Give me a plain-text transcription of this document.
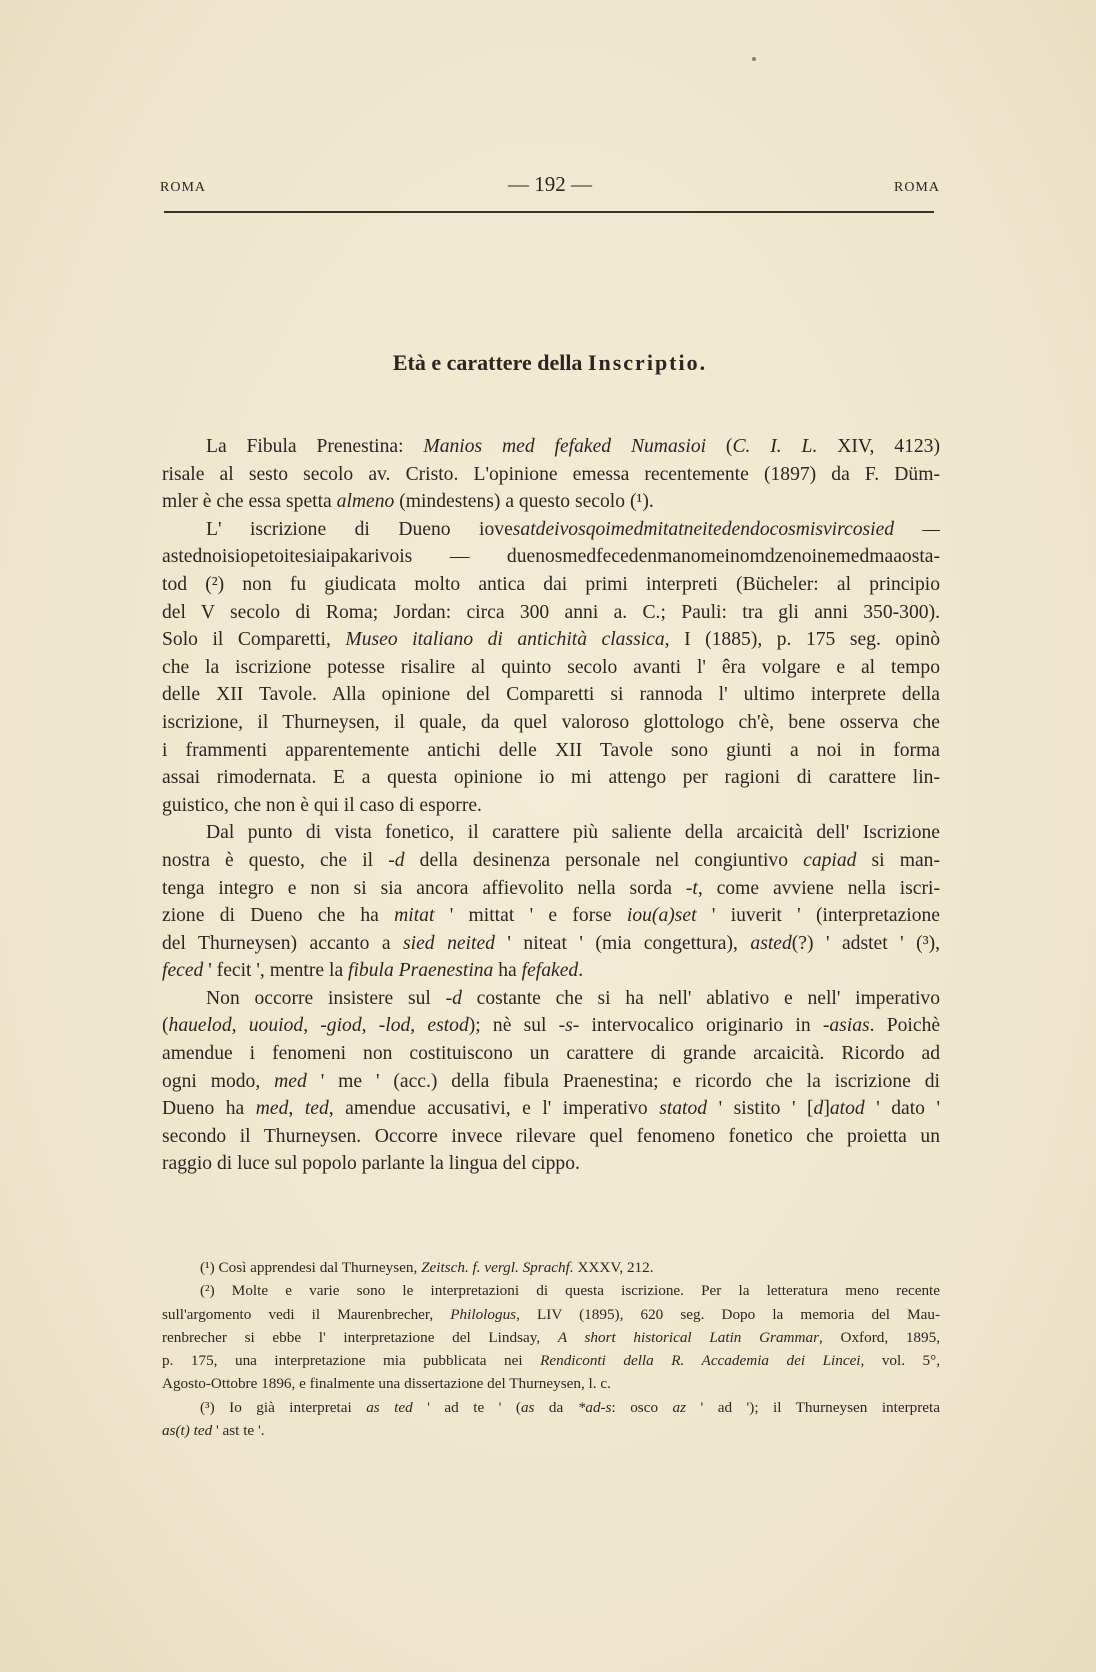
ROMA	— 192 —	ROMA
Età e carattere della Inscriptio.

La Fibula Prenestina: Manios med fefaked Numasioi (C. I. L. XIV, 4123)
risale al sesto secolo av. Cristo. L'opinione emessa recentemente (1897) da F. Düm-
mler è che essa spetta almeno (mindestens) a questo secolo (¹).

L' iscrizione di Dueno iovesatdeivosqoimedmitatneitedendocosmisvircosied —
astednoisiopetoitesiaipakarivois — duenosmedfecedenmanomeinomdzenoinemedmaaosta-
tod (²) non fu giudicata molto antica dai primi interpreti (Bücheler: al principio
del V secolo di Roma; Jordan: circa 300 anni a. C.; Pauli: tra gli anni 350-300).
Solo il Comparetti, Museo italiano di antichità classica, I (1885), p. 175 seg. opinò
che la iscrizione potesse risalire al quinto secolo avanti l' êra volgare e al tempo
delle XII Tavole. Alla opinione del Comparetti si rannoda l' ultimo interprete della
iscrizione, il Thurneysen, il quale, da quel valoroso glottologo ch'è, bene osserva che
i frammenti apparentemente antichi delle XII Tavole sono giunti a noi in forma
assai rimodernata. E a questa opinione io mi attengo per ragioni di carattere lin-
guistico, che non è qui il caso di esporre.

Dal punto di vista fonetico, il carattere più saliente della arcaicità dell' Iscrizione
nostra è questo, che il -d della desinenza personale nel congiuntivo capiad si man-
tenga integro e non si sia ancora affievolito nella sorda -t, come avviene nella iscri-
zione di Dueno che ha mitat ' mittat ' e forse iou(a)set ' iuverit ' (interpretazione
del Thurneysen) accanto a sied neited ' niteat ' (mia congettura), asted(?) ' adstet ' (³),
feced ' fecit ', mentre la fibula Praenestina ha fefaked.

Non occorre insistere sul -d costante che si ha nell' ablativo e nell' imperativo
(hauelod, uouiod, -giod, -lod, estod); nè sul -s- intervocalico originario in -asias. Poichè
amendue i fenomeni non costituiscono un carattere di grande arcaicità. Ricordo ad
ogni modo, med ' me ' (acc.) della fibula Praenestina; e ricordo che la iscrizione di
Dueno ha med, ted, amendue accusativi, e l' imperativo statod ' sistito ' [d]atod ' dato '
secondo il Thurneysen. Occorre invece rilevare quel fenomeno fonetico che proietta un
raggio di luce sul popolo parlante la lingua del cippo.

(¹) Così apprendesi dal Thurneysen, Zeitsch. f. vergl. Sprachf. XXXV, 212.
(²) Molte e varie sono le interpretazioni di questa iscrizione. Per la letteratura meno recente
sull'argomento vedi il Maurenbrecher, Philologus, LIV (1895), 620 seg. Dopo la memoria del Mau-
renbrecher si ebbe l' interpretazione del Lindsay, A short historical Latin Grammar, Oxford, 1895,
p. 175, una interpretazione mia pubblicata nei Rendiconti della R. Accademia dei Lincei, vol. 5°,
Agosto-Ottobre 1896, e finalmente una dissertazione del Thurneysen, l. c.
(³) Io già interpretai as ted ' ad te ' (as da *ad-s: osco az ' ad '); il Thurneysen interpreta
as(t) ted ' ast te '.
